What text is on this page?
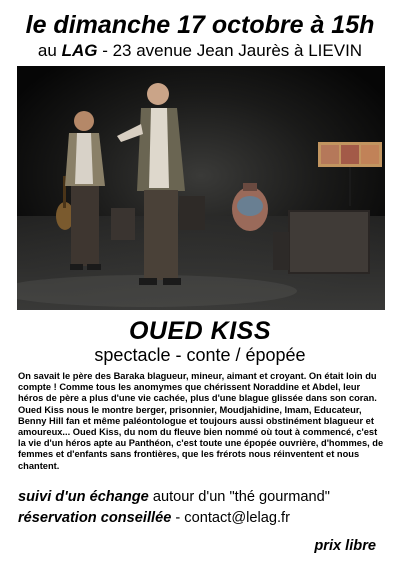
le dimanche 17 octobre à 15h

au LAG - 23 avenue Jean Jaurès à LIEVIN

OUED KISS

spectacle - conte / épopée

On savait le père des Baraka blagueur, mineur, aimant et croyant. On était loin du compte ! Comme tous les anomymes que chérissent Noraddine et Abdel, leur héros de père a plus d'une vie cachée, plus d'une blague glissée dans son coran. Oued Kiss nous le montre berger, prisonnier, Moudjahidine, Imam, Educateur, Benny Hill fan et même paléontologue et toujours aussi obstinément blagueur et amoureux... Oued Kiss, du nom du fleuve bien nommé où tout à commencé, c'est la vie d'un héros apte au Panthéon, c'est toute une épopée ouvrière, d'hommes, de femmes et d'enfants sans frontières, que les frérots nous réinventent et nous chantent.

suivi d'un échange autour d'un "thé gourmand"

réservation conseillée - contact@lelag.fr

prix libre
